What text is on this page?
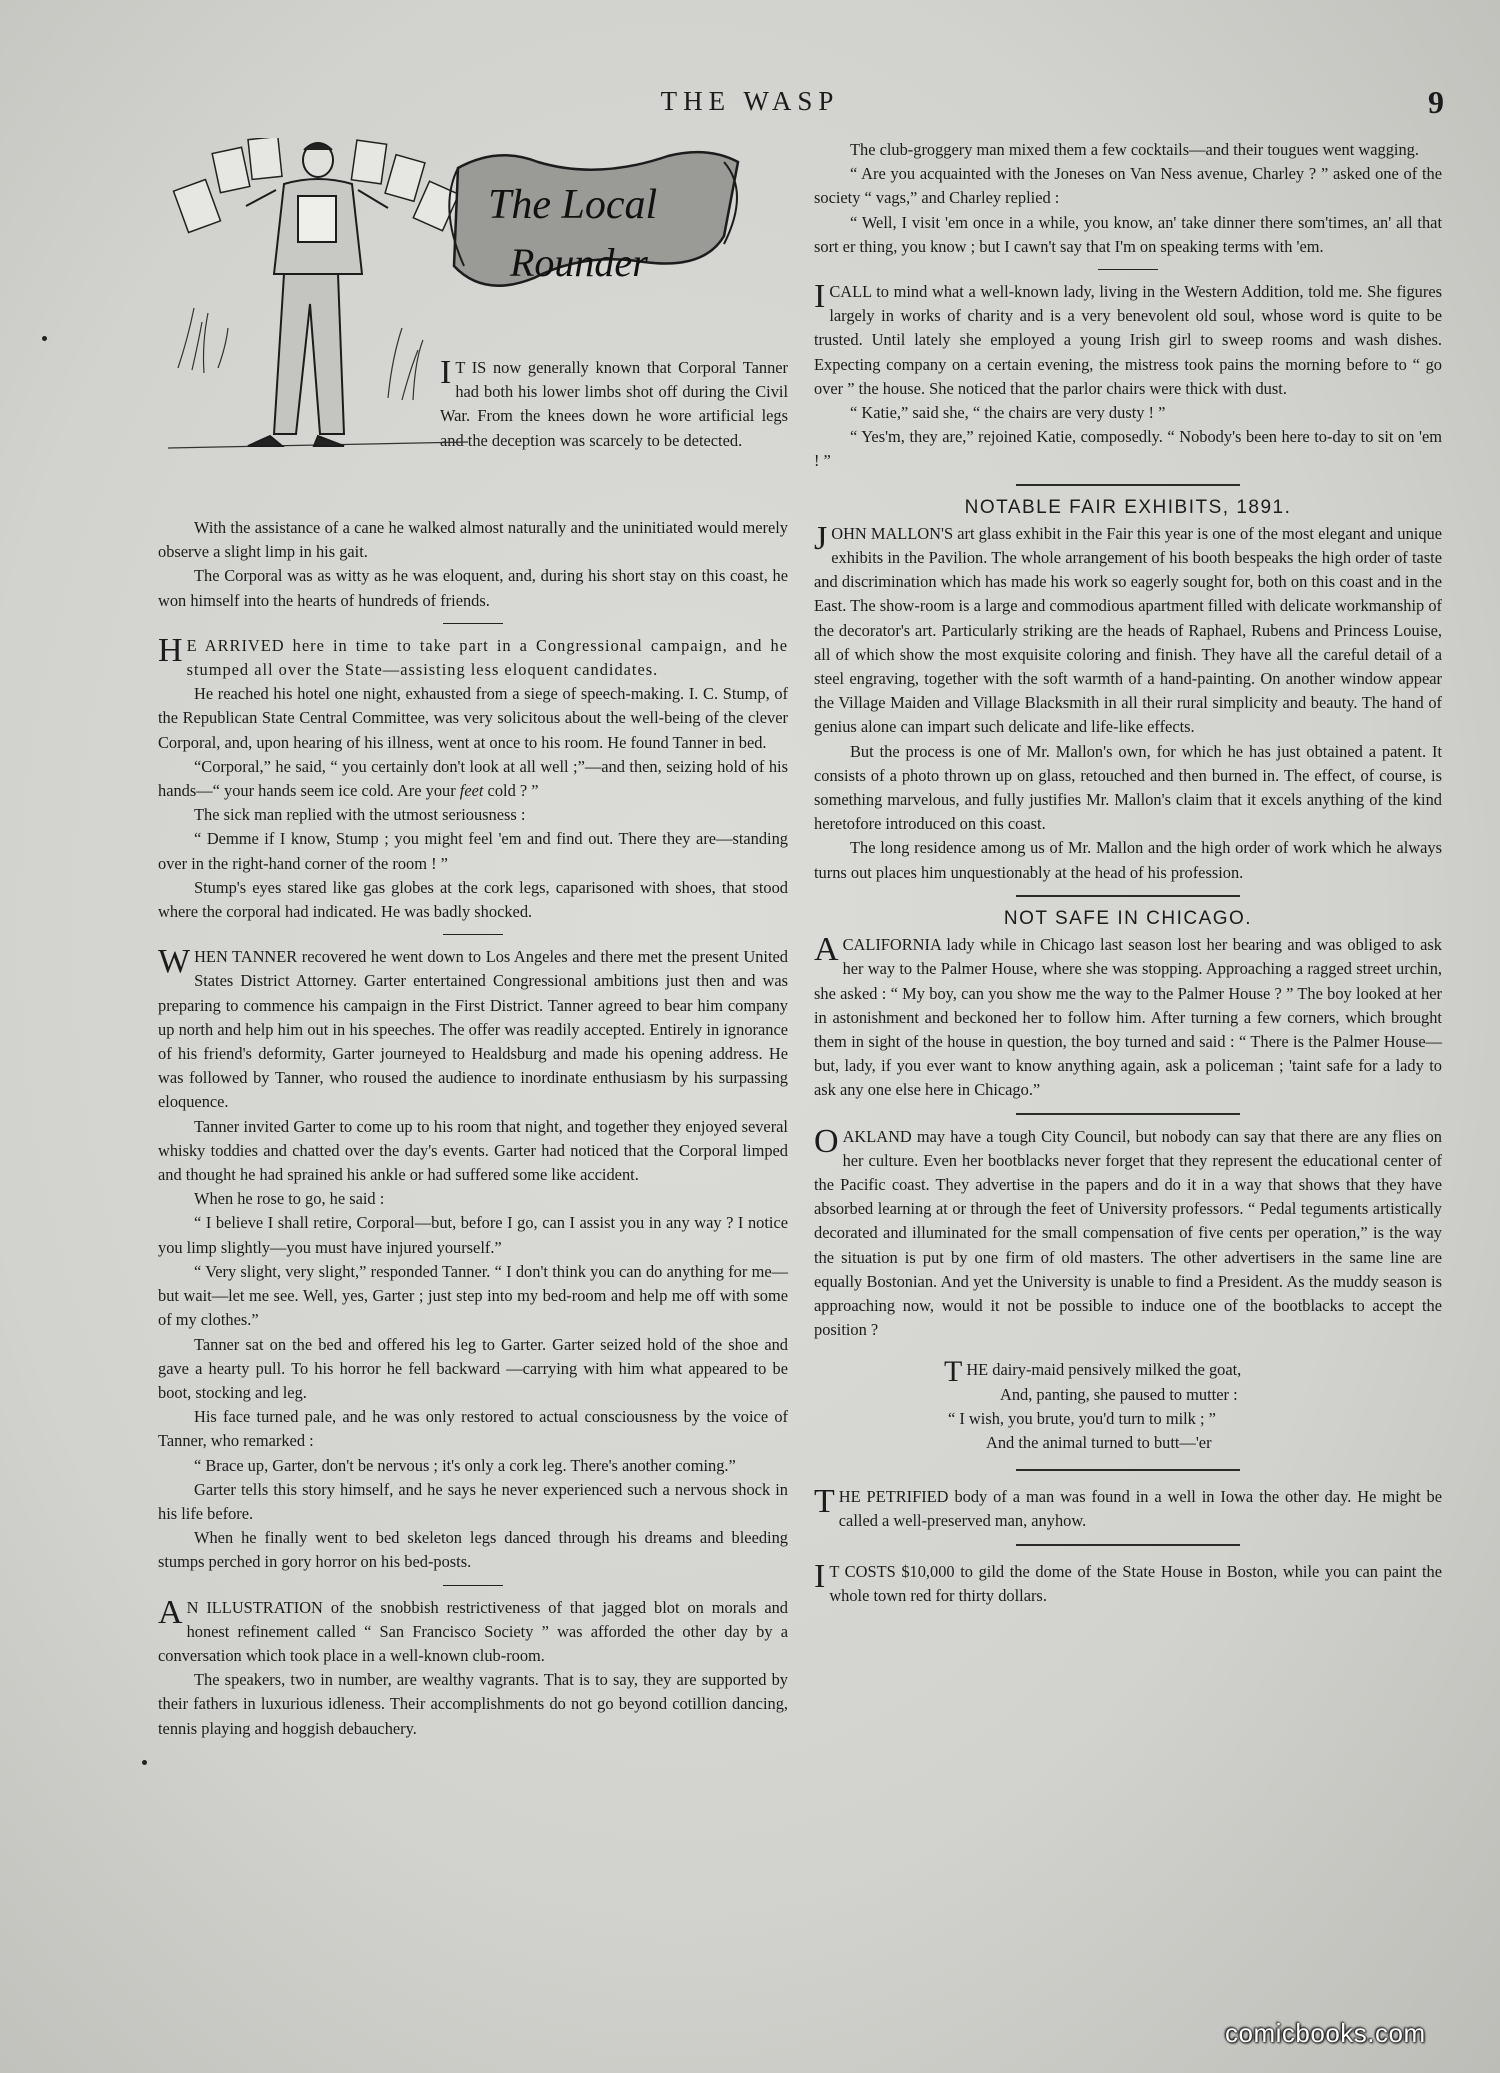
THE WASP	9
The Local
Rounder

I T IS now generally known that Corporal Tanner had both his lower limbs shot off during the Civil War. From the knees down he wore artificial legs and the deception was scarcely to be detected.

With the assistance of a cane he walked almost naturally and the uninitiated would merely observe a slight limp in his gait.

The Corporal was as witty as he was eloquent, and, during his short stay on this coast, he won himself into the hearts of hundreds of friends.

H E ARRIVED here in time to take part in a Congressional campaign, and he stumped all over the State—assisting less eloquent candidates.

He reached his hotel one night, exhausted from a siege of speech-making. I. C. Stump, of the Republican State Central Committee, was very solicitous about the well-being of the clever Corporal, and, upon hearing of his illness, went at once to his room. He found Tanner in bed.

“Corporal,” he said, “ you certainly don't look at all well ;”—and then, seizing hold of his hands—“ your hands seem ice cold. Are your feet cold ? ”

The sick man replied with the utmost seriousness :

“ Demme if I know, Stump ; you might feel 'em and find out. There they are—standing over in the right-hand corner of the room ! ”

Stump's eyes stared like gas globes at the cork legs, caparisoned with shoes, that stood where the corporal had indicated. He was badly shocked.

WHEN TANNER recovered he went down to Los Angeles and there met the present United States District Attorney. Garter entertained Congressional ambitions just then and was preparing to commence his campaign in the First District. Tanner agreed to bear him company up north and help him out in his speeches. The offer was readily accepted. Entirely in ignorance of his friend's deformity, Garter journeyed to Healdsburg and made his opening address. He was followed by Tanner, who roused the audience to inordinate enthusiasm by his surpassing eloquence.

Tanner invited Garter to come up to his room that night, and together they enjoyed several whisky toddies and chatted over the day's events. Garter had noticed that the Corporal limped and thought he had sprained his ankle or had suffered some like accident.

When he rose to go, he said :

“ I believe I shall retire, Corporal—but, before I go, can I assist you in any way ? I notice you limp slightly—you must have injured yourself.”

“ Very slight, very slight,” responded Tanner. “ I don't think you can do anything for me—but wait—let me see. Well, yes, Garter ; just step into my bed-room and help me off with some of my clothes.”

Tanner sat on the bed and offered his leg to Garter. Garter seized hold of the shoe and gave a hearty pull. To his horror he fell backward —carrying with him what appeared to be boot, stocking and leg.

His face turned pale, and he was only restored to actual consciousness by the voice of Tanner, who remarked :

“ Brace up, Garter, don't be nervous ; it's only a cork leg. There's another coming.”

Garter tells this story himself, and he says he never experienced such a nervous shock in his life before.

When he finally went to bed skeleton legs danced through his dreams and bleeding stumps perched in gory horror on his bed-posts.

A N ILLUSTRATION of the snobbish restrictiveness of that jagged blot on morals and honest refinement called “ San Francisco Society ” was afforded the other day by a conversation which took place in a well-known club-room.

The speakers, two in number, are wealthy vagrants. That is to say, they are supported by their fathers in luxurious idleness. Their accomplishments do not go beyond cotillion dancing, tennis playing and hoggish debauchery.

The club-groggery man mixed them a few cocktails—and their tougues went wagging.

“ Are you acquainted with the Joneses on Van Ness avenue, Charley ? ” asked one of the society “ vags,” and Charley replied :

“ Well, I visit 'em once in a while, you know, an' take dinner there som'times, an' all that sort er thing, you know ; but I cawn't say that I'm on speaking terms with 'em.

ICALL to mind what a well-known lady, living in the Western Addition, told me. She figures largely in works of charity and is a very benevolent old soul, whose word is quite to be trusted. Until lately she employed a young Irish girl to sweep rooms and wash dishes. Expecting company on a certain evening, the mistress took pains the morning before to “ go over ” the house. She noticed that the parlor chairs were thick with dust.

“ Katie,” said she, “ the chairs are very dusty ! ”

“ Yes'm, they are,” rejoined Katie, composedly. “ Nobody's been here to-day to sit on 'em ! ”

NOTABLE FAIR EXHIBITS, 1891.

JOHN MALLON'S art glass exhibit in the Fair this year is one of the most elegant and unique exhibits in the Pavilion. The whole arrangement of his booth bespeaks the high order of taste and discrimination which has made his work so eagerly sought for, both on this coast and in the East. The show-room is a large and commodious apartment filled with delicate workmanship of the decorator's art. Particularly striking are the heads of Raphael, Rubens and Princess Louise, all of which show the most exquisite coloring and finish. They have all the careful detail of a steel engraving, together with the soft warmth of a hand-painting. On another window appear the Village Maiden and Village Blacksmith in all their rural simplicity and beauty. The hand of genius alone can impart such delicate and life-like effects.

But the process is one of Mr. Mallon's own, for which he has just obtained a patent. It consists of a photo thrown up on glass, retouched and then burned in. The effect, of course, is something marvelous, and fully justifies Mr. Mallon's claim that it excels anything of the kind heretofore introduced on this coast.

The long residence among us of Mr. Mallon and the high order of work which he always turns out places him unquestionably at the head of his profession.

NOT SAFE IN CHICAGO.

ACALIFORNIA lady while in Chicago last season lost her bearing and was obliged to ask her way to the Palmer House, where she was stopping. Approaching a ragged street urchin, she asked : “ My boy, can you show me the way to the Palmer House ? ” The boy looked at her in astonishment and beckoned her to follow him. After turning a few corners, which brought them in sight of the house in question, the boy turned and said : “ There is the Palmer House—but, lady, if you ever want to know anything again, ask a policeman ; 'taint safe for a lady to ask any one else here in Chicago.”

OAKLAND may have a tough City Council, but nobody can say that there are any flies on her culture. Even her bootblacks never forget that they represent the educational center of the Pacific coast. They advertise in the papers and do it in a way that shows that they have absorbed learning at or through the feet of University professors. “ Pedal teguments artistically decorated and illuminated for the small compensation of five cents per operation,” is the way the situation is put by one firm of old masters. The other advertisers in the same line are equally Bostonian. And yet the University is unable to find a President. As the muddy season is approaching now, would it not be possible to induce one of the bootblacks to accept the position ?

THE dairy-maid pensively milked the goat,
And, panting, she paused to mutter :
“ I wish, you brute, you'd turn to milk ; ”
And the animal turned to butt—'er

THE PETRIFIED body of a man was found in a well in Iowa the other day. He might be called a well-preserved man, anyhow.

I T COSTS $10,000 to gild the dome of the State House in Boston, while you can paint the whole town red for thirty dollars.

comicbooks.com
